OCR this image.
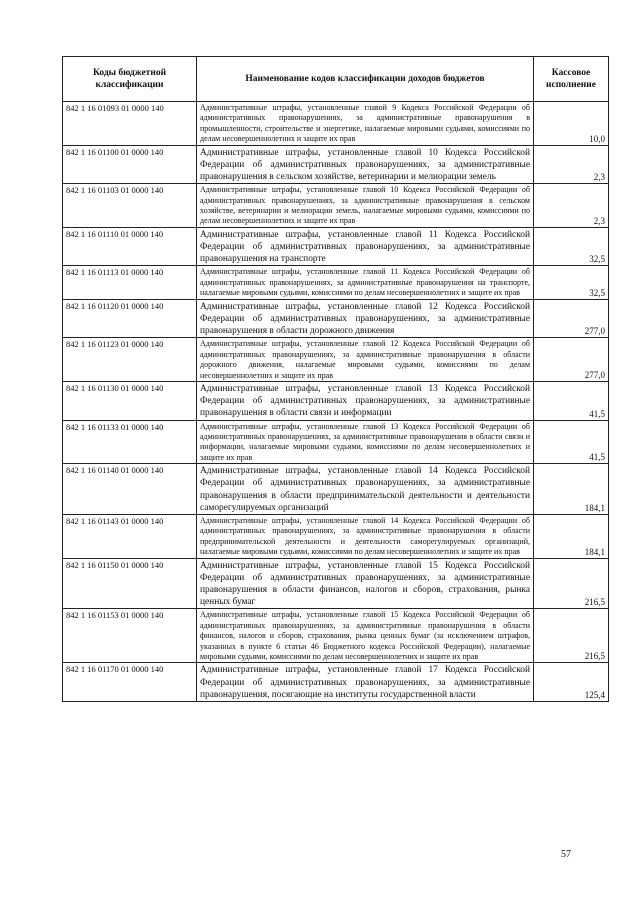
Коды бюджетной классификации	Наименование кодов классификации доходов бюджетов	Кассовое исполнение
842 1 16 01093 01 0000 140	Административные штрафы, установленные главой 9 Кодекса Российской Федерации об административных правонарушениях, за административные правонарушения в промышленности, строительстве и энергетике, налагаемые мировыми судьями, комиссиями по делам несовершеннолетних и защите их прав	10,0
842 1 16 01100 01 0000 140	Административные штрафы, установленные главой 10 Кодекса Российской Федерации об административных правонарушениях, за административные правонарушения в сельском хозяйстве, ветеринарии и мелиорации земель	2,3
842 1 16 01103 01 0000 140	Административные штрафы, установленные главой 10 Кодекса Российской Федерации об административных правонарушениях, за административные правонарушения в сельском хозяйстве, ветеринарии и мелиорации земель, налагаемые мировыми судьями, комиссиями по делам несовершеннолетних и защите их прав	2,3
842 1 16 01110 01 0000 140	Административные штрафы, установленные главой 11 Кодекса Российской Федерации об административных правонарушениях, за административные правонарушения на транспорте	32,5
842 1 16 01113 01 0000 140	Административные штрафы, установленные главой 11 Кодекса Российской Федерации об административных правонарушениях, за административные правонарушения на транспорте, налагаемые мировыми судьями, комиссиями по делам несовершеннолетних и защите их прав	32,5
842 1 16 01120 01 0000 140	Административные штрафы, установленные главой 12 Кодекса Российской Федерации об административных правонарушениях, за административные правонарушения в области дорожного движения	277,0
842 1 16 01123 01 0000 140	Административные штрафы, установленные главой 12 Кодекса Российской Федерации об административных правонарушениях, за административные правонарушения в области дорожного движения, налагаемые мировыми судьями, комиссиями по делам несовершеннолетних и защите их прав	277,0
842 1 16 01130 01 0000 140	Административные штрафы, установленные главой 13 Кодекса Российской Федерации об административных правонарушениях, за административные правонарушения в области связи и информации	41,5
842 1 16 01133 01 0000 140	Административные штрафы, установленные главой 13 Кодекса Российской Федерации об административных правонарушениях, за административные правонарушения в области связи и информации, налагаемые мировыми судьями, комиссиями по делам несовершеннолетних и защите их прав	41,5
842 1 16 01140 01 0000 140	Административные штрафы, установленные главой 14 Кодекса Российской Федерации об административных правонарушениях, за административные правонарушения в области предпринимательской деятельности и деятельности саморегулируемых организаций	184,1
842 1 16 01143 01 0000 140	Административные штрафы, установленные главой 14 Кодекса Российской Федерации об административных правонарушениях, за административные правонарушения в области предпринимательской деятельности и деятельности саморегулируемых организаций, налагаемые мировыми судьями, комиссиями по делам несовершеннолетних и защите их прав	184,1
842 1 16 01150 01 0000 140	Административные штрафы, установленные главой 15 Кодекса Российской Федерации об административных правонарушениях, за административные правонарушения в области финансов, налогов и сборов, страхования, рынка ценных бумаг	216,5
842 1 16 01153 01 0000 140	Административные штрафы, установленные главой 15 Кодекса Российской Федерации об административных правонарушениях, за административные правонарушения в области финансов, налогов и сборов, страхования, рынка ценных бумаг (за исключением штрафов, указанных в пункте 6 статьи 46 Бюджетного кодекса Российской Федерации), налагаемые мировыми судьями, комиссиями по делам несовершеннолетних и защите их прав	216,5
842 1 16 01170 01 0000 140	Административные штрафы, установленные главой 17 Кодекса Российской Федерации об административных правонарушениях, за административные правонарушения, посягающие на институты государственной власти	125,4
57
